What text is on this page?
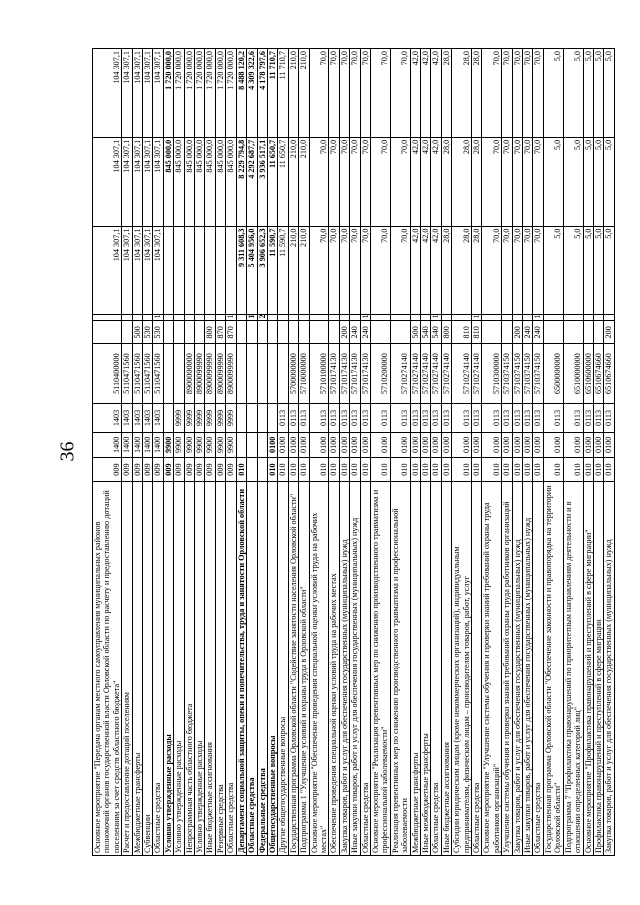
36
Основное мероприятие "Передача органам местного самоуправления муниципальных районов полномочий органов государственной власти Орловской области по расчету и предоставлению дотаций поселениям за счет средств областного бюджета"	009	1400	1403	5110400000			104 307,1	104 307,1	104 307,1
Расчет и предоставление дотаций поселениям	009	1400	1403	5110471560			104 307,1	104 307,1	104 307,1
Межбюджетные трансферты	009	1400	1403	5110471560	500		104 307,1	104 307,1	104 307,1
Субвенции	009	1400	1403	5110471560	530		104 307,1	104 307,1	104 307,1
Областные средства	009	1400	1403	5110471560	530	1	104 307,1	104 307,1	104 307,1
Условно утвержденные расходы	009	9900						845 000,0	1 720 000,0
Условно утвержденные расходы	009	9900	9999					845 000,0	1 720 000,0
Непрограммная часть областного бюджета	009	9900	9999	8900000000				845 000,0	1 720 000,0
Условно утвержденные расходы	009	9900	9999	8900099990				845 000,0	1 720 000,0
Иные бюджетные ассигнования	009	9900	9999	8900099990	800			845 000,0	1 720 000,0
Резервные средства	009	9900	9999	8900099990	870			845 000,0	1 720 000,0
Областные средства	009	9900	9999	8900099990	870	1		845 000,0	1 720 000,0
Департамент социальной защиты, опеки и попечительства, труда и занятости Орловской области	010						9 311 608,3	8 229 794,8	8 488 120,2
Областные средства						1	5 404 956,0	4 292 687,7	4 309 322,6
Федеральные средства						2	3 906 652,3	3 936 517,1	4 178 797,6
Общегосударственные вопросы	010	0100					11 590,7	11 650,7	11 710,7
Другие общегосударственные вопросы	010	0100	0113				11 590,7	11 650,7	11 710,7
Государственная программа Орловской области "Содействие занятости населения Орловской области"	010	0100	0113	5700000000			210,0	210,0	210,0
Подпрограмма 1 "Улучшение условий и охраны труда в Орловской области"	010	0100	0113	5710000000			210,0	210,0	210,0
Основное мероприятие "Обеспечение проведения специальной оценки условий труда на рабочих местах"	010	0100	0113	5710100000			70,0	70,0	70,0
Обеспечение проведения специальной оценки условий труда на рабочих местах	010	0100	0113	5710174130			70,0	70,0	70,0
Закупка товаров, работ и услуг для обеспечения государственных (муниципальных) нужд	010	0100	0113	5710174130	200		70,0	70,0	70,0
Иные закупки товаров, работ и услуг для обеспечения государственных (муниципальных) нужд	010	0100	0113	5710174130	240		70,0	70,0	70,0
Областные средства	010	0100	0113	5710174130	240	1	70,0	70,0	70,0
Основное мероприятие "Реализация превентивных мер по снижению производственного травматизма и профессиональной заболеваемости"	010	0100	0113	5710200000			70,0	70,0	70,0
Реализация превентивных мер по снижению производственного травматизма и профессиональной заболеваемости	010	0100	0113	5710274140			70,0	70,0	70,0
Межбюджетные трансферты	010	0100	0113	5710274140	500		42,0	42,0	42,0
Иные межбюджетные трансферты	010	0100	0113	5710274140	540		42,0	42,0	42,0
Областные средства	010	0100	0113	5710274140	540	1	42,0	42,0	42,0
Иные бюджетные ассигнования	010	0100	0113	5710274140	800		28,0	28,0	28,0
Субсидии юридическим лицам (кроме некоммерческих организаций), индивидуальным предпринимателям, физическим лицам – производителям товаров, работ, услуг	010	0100	0113	5710274140	810		28,0	28,0	28,0
Областные средства	010	0100	0113	5710274140	810	1	28,0	28,0	28,0
Основное мероприятие "Улучшение системы обучения и проверки знаний требований охраны труда работников организаций"	010	0100	0113	5710300000			70,0	70,0	70,0
Улучшение системы обучения и проверки знаний требований охраны труда работников организаций	010	0100	0113	5710374150			70,0	70,0	70,0
Закупка товаров, работ и услуг для обеспечения государственных (муниципальных) нужд	010	0100	0113	5710374150	200		70,0	70,0	70,0
Иные закупки товаров, работ и услуг для обеспечения государственных (муниципальных) нужд	010	0100	0113	5710374150	240		70,0	70,0	70,0
Областные средства	010	0100	0113	5710374150	240	1	70,0	70,0	70,0
Государственная программа Орловской области "Обеспечение законности и правопорядка на территории Орловской области"	010	0100	0113	6500000000			5,0	5,0	5,0
Подпрограмма 7 "Профилактика правонарушений по приоритетным направлениям деятельности и в отношении определенных категорий лиц"	010	0100	0113	6510000000			5,0	5,0	5,0
Основное мероприятие "Профилактика правонарушений и преступлений в сфере миграции"	010	0100	0113	6510600000			5,0	5,0	5,0
Профилактика правонарушений и преступлений в сфере миграции	010	0100	0113	6510674660			5,0	5,0	5,0
Закупка товаров, работ и услуг для обеспечения государственных (муниципальных) нужд	010	0100	0113	6510674660	200		5,0	5,0	5,0
